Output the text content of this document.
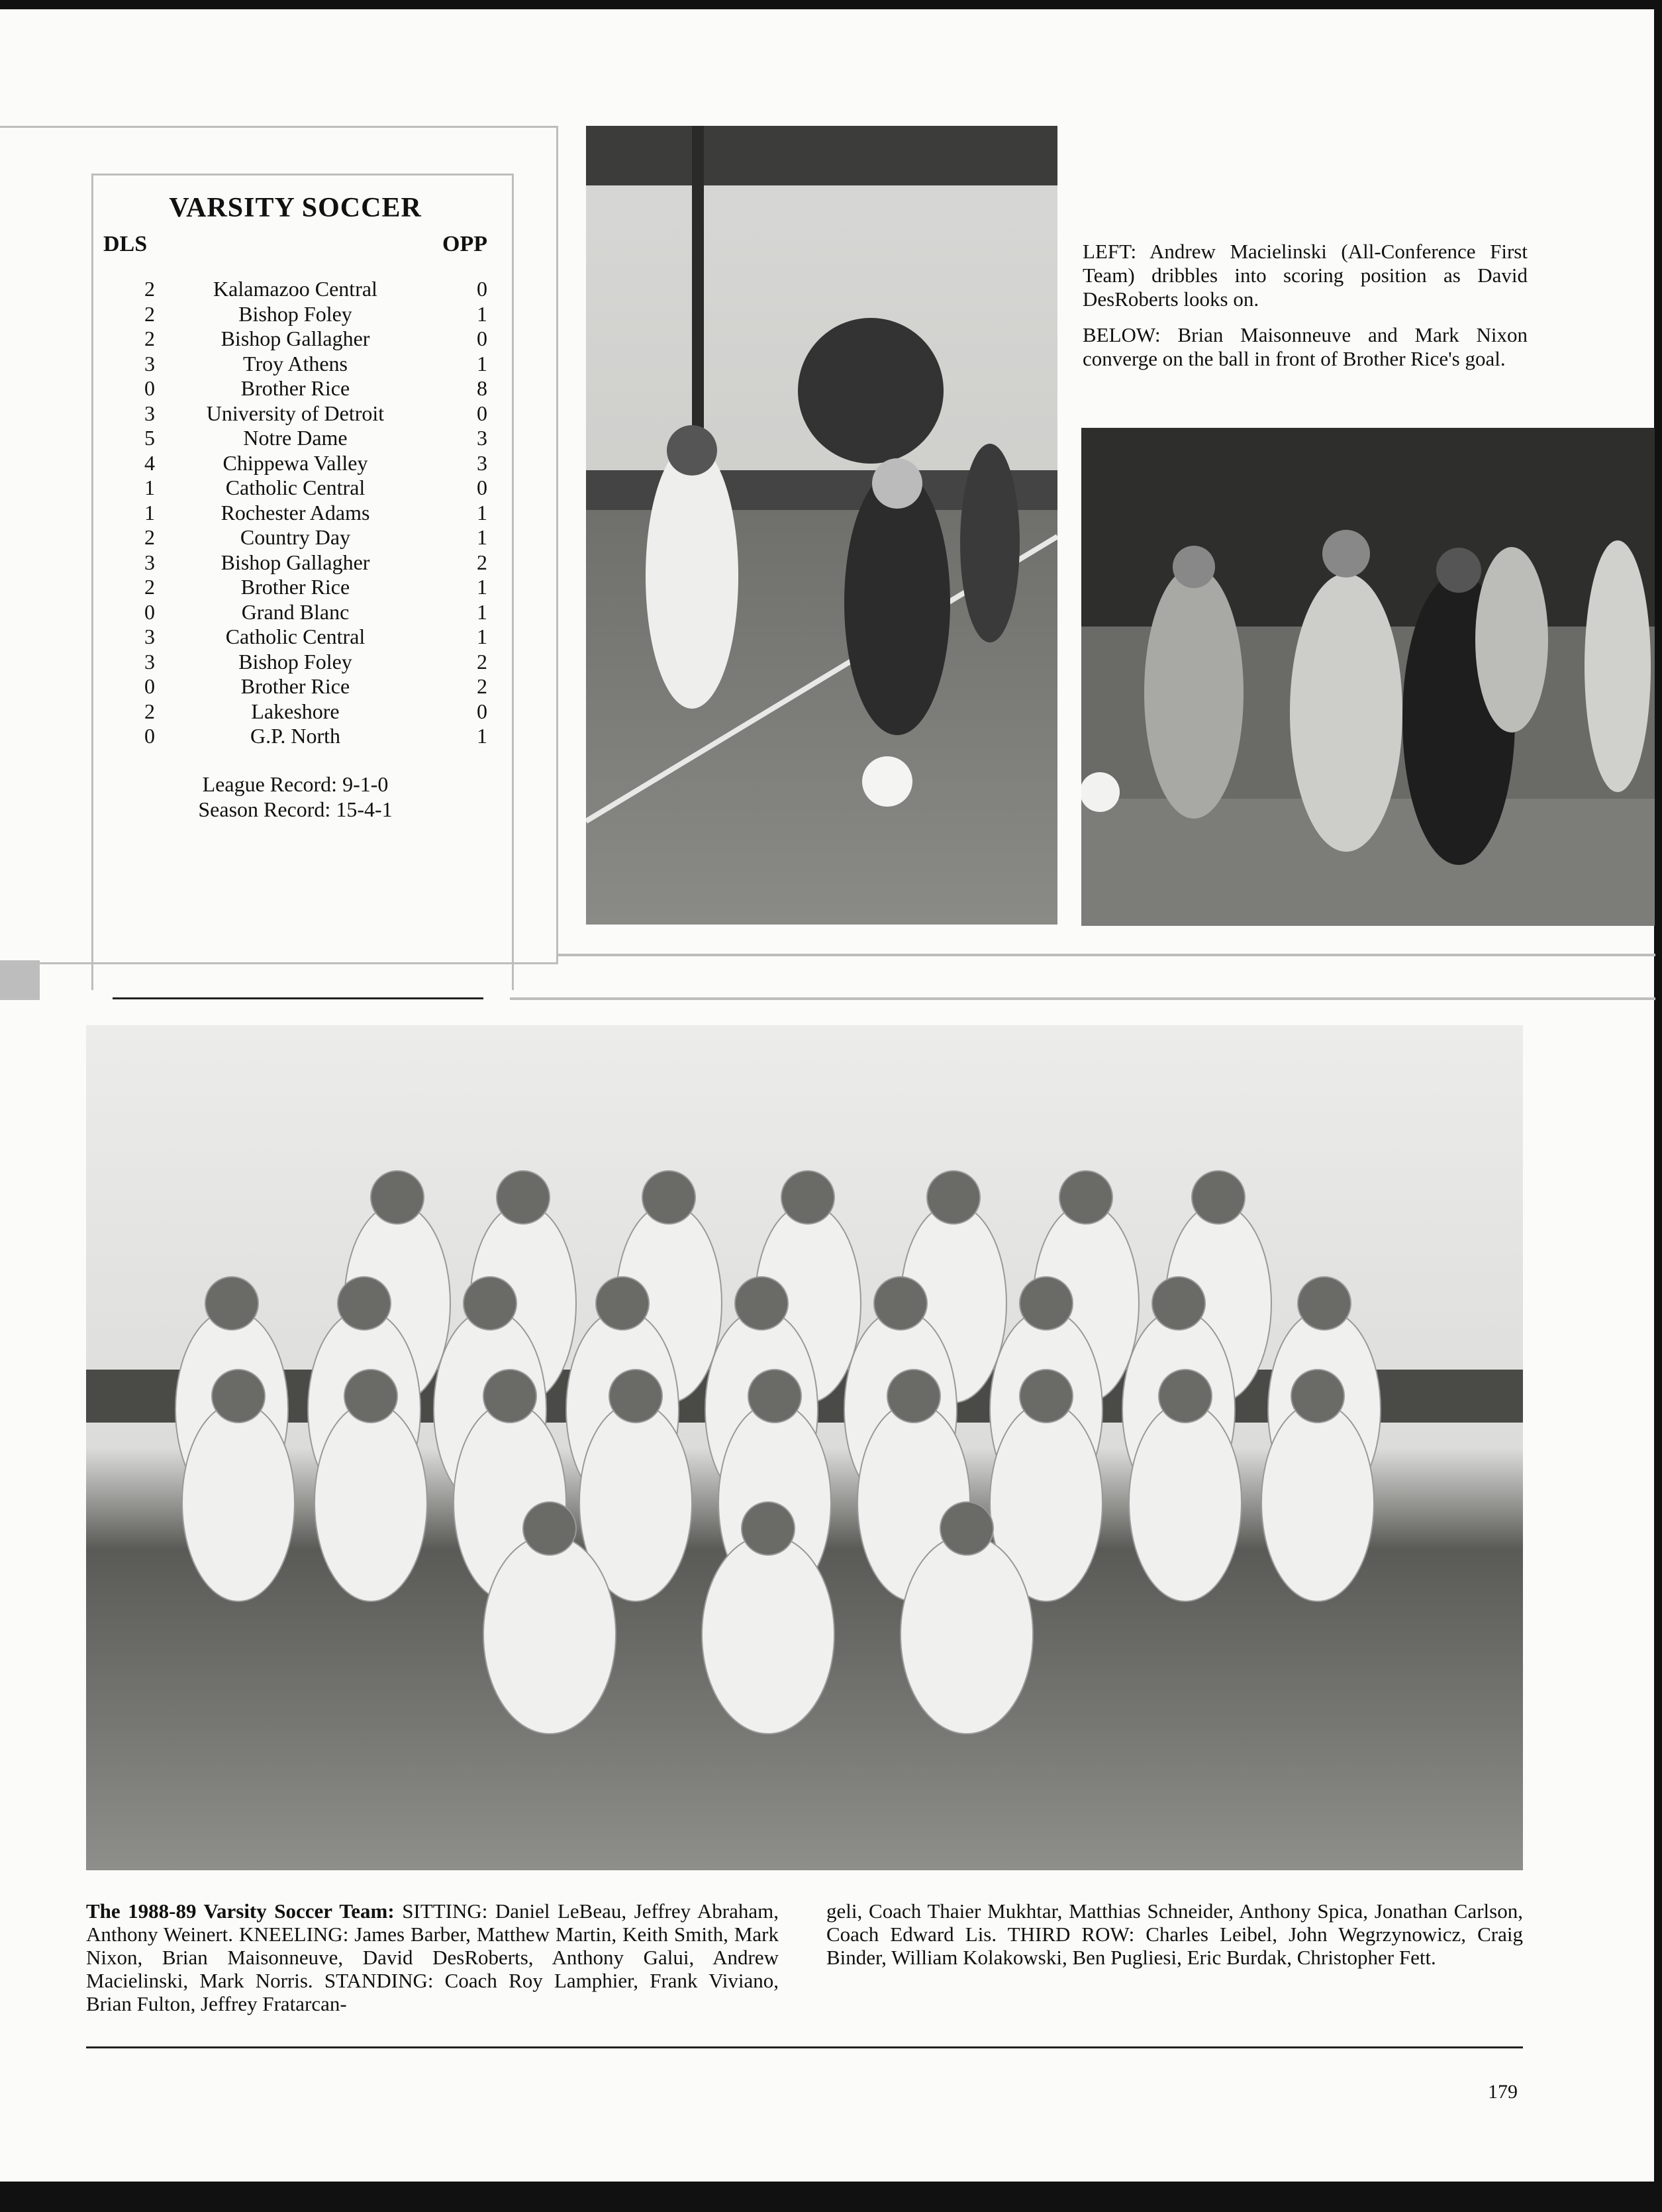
VARSITY SOCCER
DLS	OPP
2	Kalamazoo Central	0
2	Bishop Foley	1
2	Bishop Gallagher	0
3	Troy Athens	1
0	Brother Rice	8
3	University of Detroit	0
5	Notre Dame	3
4	Chippewa Valley	3
1	Catholic Central	0
1	Rochester Adams	1
2	Country Day	1
3	Bishop Gallagher	2
2	Brother Rice	1
0	Grand Blanc	1
3	Catholic Central	1
3	Bishop Foley	2
0	Brother Rice	2
2	Lakeshore	0
0	G.P. North	1
League Record: 9-1-0
Season Record: 15-4-1

LEFT: Andrew Macielinski (All-Conference First Team) dribbles into scoring position as David DesRoberts looks on.

BELOW: Brian Maisonneuve and Mark Nixon converge on the ball in front of Brother Rice's goal.

The 1988-89 Varsity Soccer Team: SITTING: Daniel LeBeau, Jeffrey Abraham, Anthony Weinert. KNEELING: James Barber, Matthew Martin, Keith Smith, Mark Nixon, Brian Maisonneuve, David DesRoberts, Anthony Galui, Andrew Macielinski, Mark Norris. STANDING: Coach Roy Lamphier, Frank Viviano, Brian Fulton, Jeffrey Fratarcan-
geli, Coach Thaier Mukhtar, Matthias Schneider, Anthony Spica, Jonathan Carlson, Coach Edward Lis. THIRD ROW: Charles Leibel, John Wegrzynowicz, Craig Binder, William Kolakowski, Ben Pugliesi, Eric Burdak, Christopher Fett.
179
